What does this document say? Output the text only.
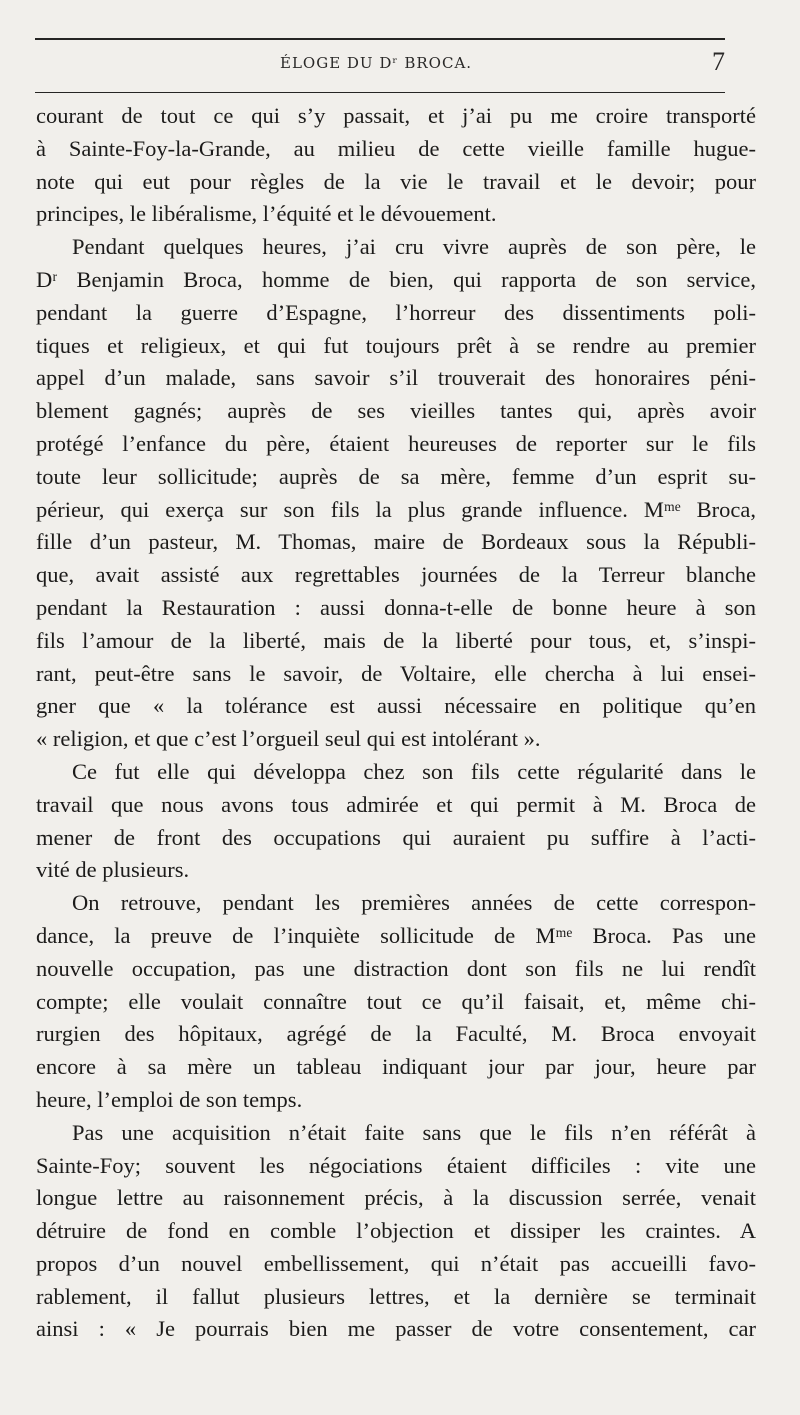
ÉLOGE DU Dʳ BROCA.	7
courant de tout ce qui s’y passait, et j’ai pu me croire transporté
à Sainte-Foy-la-Grande, au milieu de cette vieille famille hugue-
note qui eut pour règles de la vie le travail et le devoir; pour
principes, le libéralisme, l’équité et le dévouement.
Pendant quelques heures, j’ai cru vivre auprès de son père, le
Dʳ Benjamin Broca, homme de bien, qui rapporta de son service,
pendant la guerre d’Espagne, l’horreur des dissentiments poli-
tiques et religieux, et qui fut toujours prêt à se rendre au premier
appel d’un malade, sans savoir s’il trouverait des honoraires péni-
blement gagnés; auprès de ses vieilles tantes qui, après avoir
protégé l’enfance du père, étaient heureuses de reporter sur le fils
toute leur sollicitude; auprès de sa mère, femme d’un esprit su-
périeur, qui exerça sur son fils la plus grande influence. Mᵐᵉ Broca,
fille d’un pasteur, M. Thomas, maire de Bordeaux sous la Républi-
que, avait assisté aux regrettables journées de la Terreur blanche
pendant la Restauration : aussi donna-t-elle de bonne heure à son
fils l’amour de la liberté, mais de la liberté pour tous, et, s’inspi-
rant, peut-être sans le savoir, de Voltaire, elle chercha à lui ensei-
gner que « la tolérance est aussi nécessaire en politique qu’en
« religion, et que c’est l’orgueil seul qui est intolérant ».
Ce fut elle qui développa chez son fils cette régularité dans le
travail que nous avons tous admirée et qui permit à M. Broca de
mener de front des occupations qui auraient pu suffire à l’acti-
vité de plusieurs.
On retrouve, pendant les premières années de cette correspon-
dance, la preuve de l’inquiète sollicitude de Mᵐᵉ Broca. Pas une
nouvelle occupation, pas une distraction dont son fils ne lui rendît
compte; elle voulait connaître tout ce qu’il faisait, et, même chi-
rurgien des hôpitaux, agrégé de la Faculté, M. Broca envoyait
encore à sa mère un tableau indiquant jour par jour, heure par
heure, l’emploi de son temps.
Pas une acquisition n’était faite sans que le fils n’en référât à
Sainte-Foy; souvent les négociations étaient difficiles : vite une
longue lettre au raisonnement précis, à la discussion serrée, venait
détruire de fond en comble l’objection et dissiper les craintes. A
propos d’un nouvel embellissement, qui n’était pas accueilli favo-
rablement, il fallut plusieurs lettres, et la dernière se terminait
ainsi : « Je pourrais bien me passer de votre consentement, car
